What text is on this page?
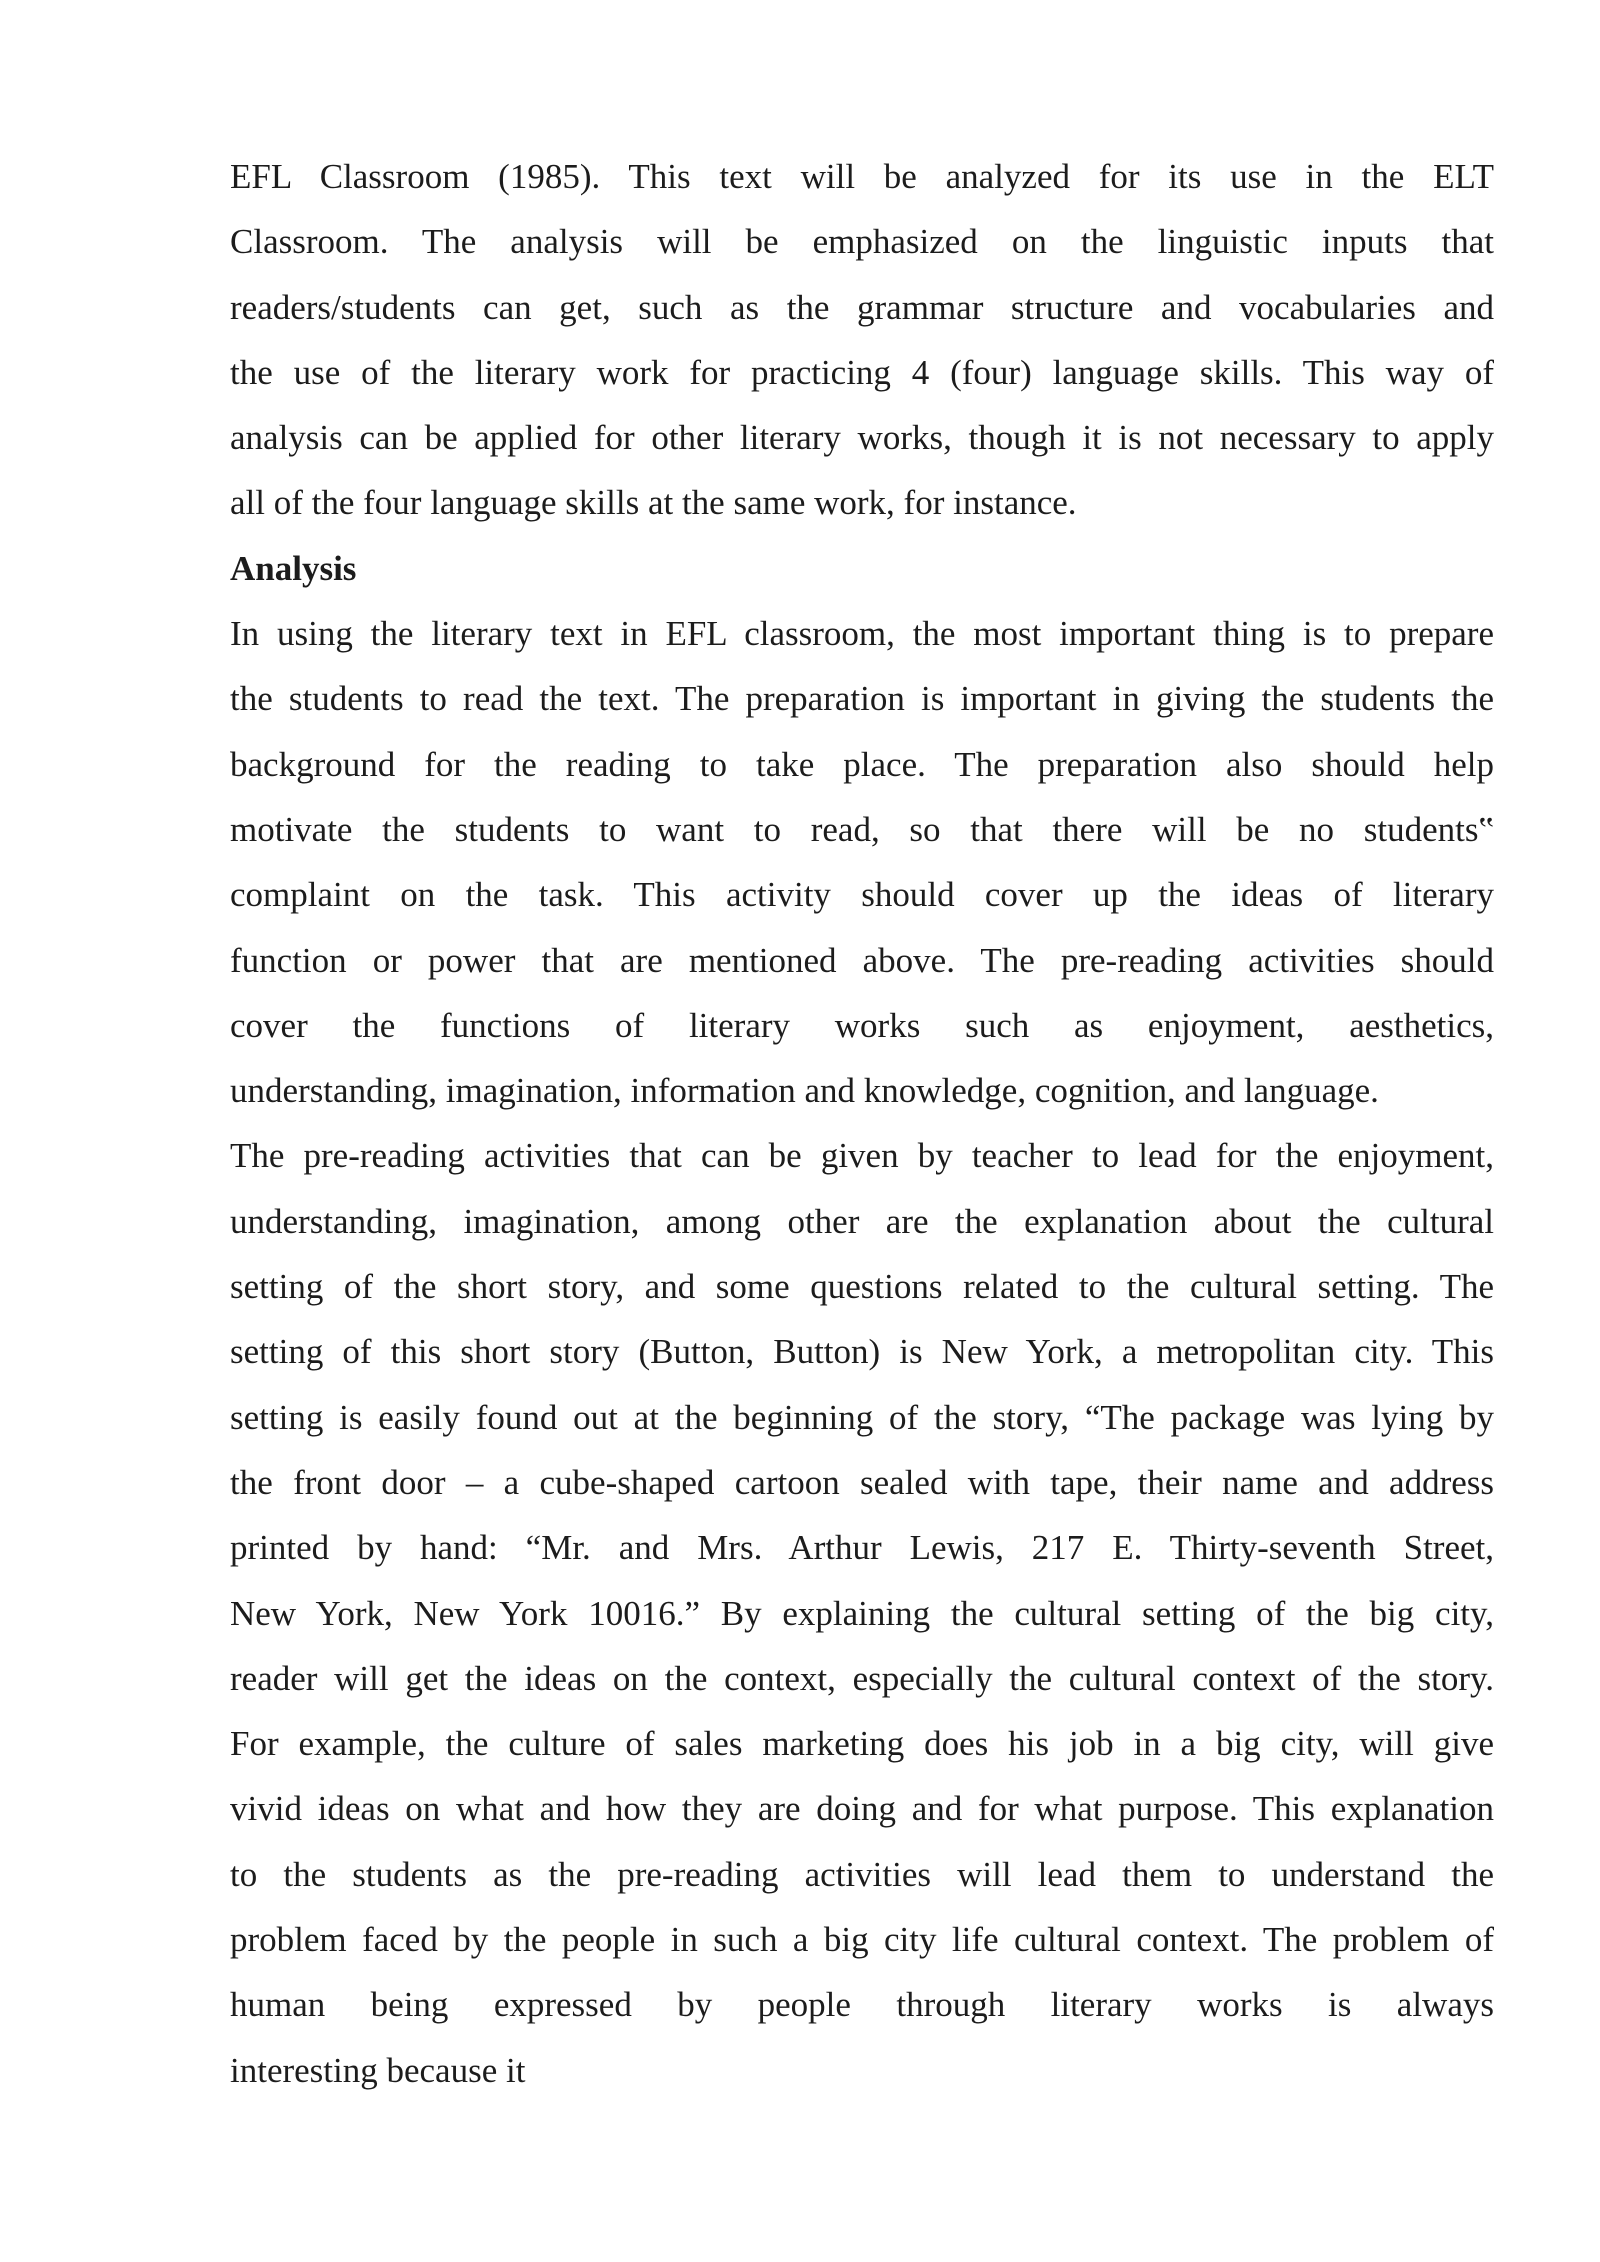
EFL Classroom (1985). This text will be analyzed for its use in the ELT
Classroom. The analysis will be emphasized on the linguistic inputs that
readers/students can get, such as the grammar structure and vocabularies and
the use of the literary work for practicing 4 (four) language skills. This way of
analysis can be applied for other literary works, though it is not necessary to apply
all of the four language skills at the same work, for instance.
Analysis
In using the literary text in EFL classroom, the most important thing is to prepare
the students to read the text. The preparation is important in giving the students the
background for the reading to take place. The preparation also should help
motivate the students to want to read, so that there will be no students‟
complaint on the task. This activity should cover up the ideas of literary
function or power that are mentioned above. The pre-reading activities should
cover the functions of literary works such as enjoyment, aesthetics,
understanding, imagination, information and knowledge, cognition, and language.
The pre-reading activities that can be given by teacher to lead for the enjoyment,
understanding, imagination, among other are the explanation about the cultural
setting of the short story, and some questions related to the cultural setting. The
setting of this short story (Button, Button) is New York, a metropolitan city. This
setting is easily found out at the beginning of the story, “The package was lying by
the front door – a cube-shaped cartoon sealed with tape, their name and address
printed by hand: “Mr. and Mrs. Arthur Lewis, 217 E. Thirty-seventh Street,
New York, New York 10016.” By explaining the cultural setting of the big city,
reader will get the ideas on the context, especially the cultural context of the story.
For example, the culture of sales marketing does his job in a big city, will give
vivid ideas on what and how they are doing and for what purpose. This explanation
to the students as the pre-reading activities will lead them to understand the
problem faced by the people in such a big city life cultural context. The problem of
human being expressed by people through literary works is always
interesting because it
